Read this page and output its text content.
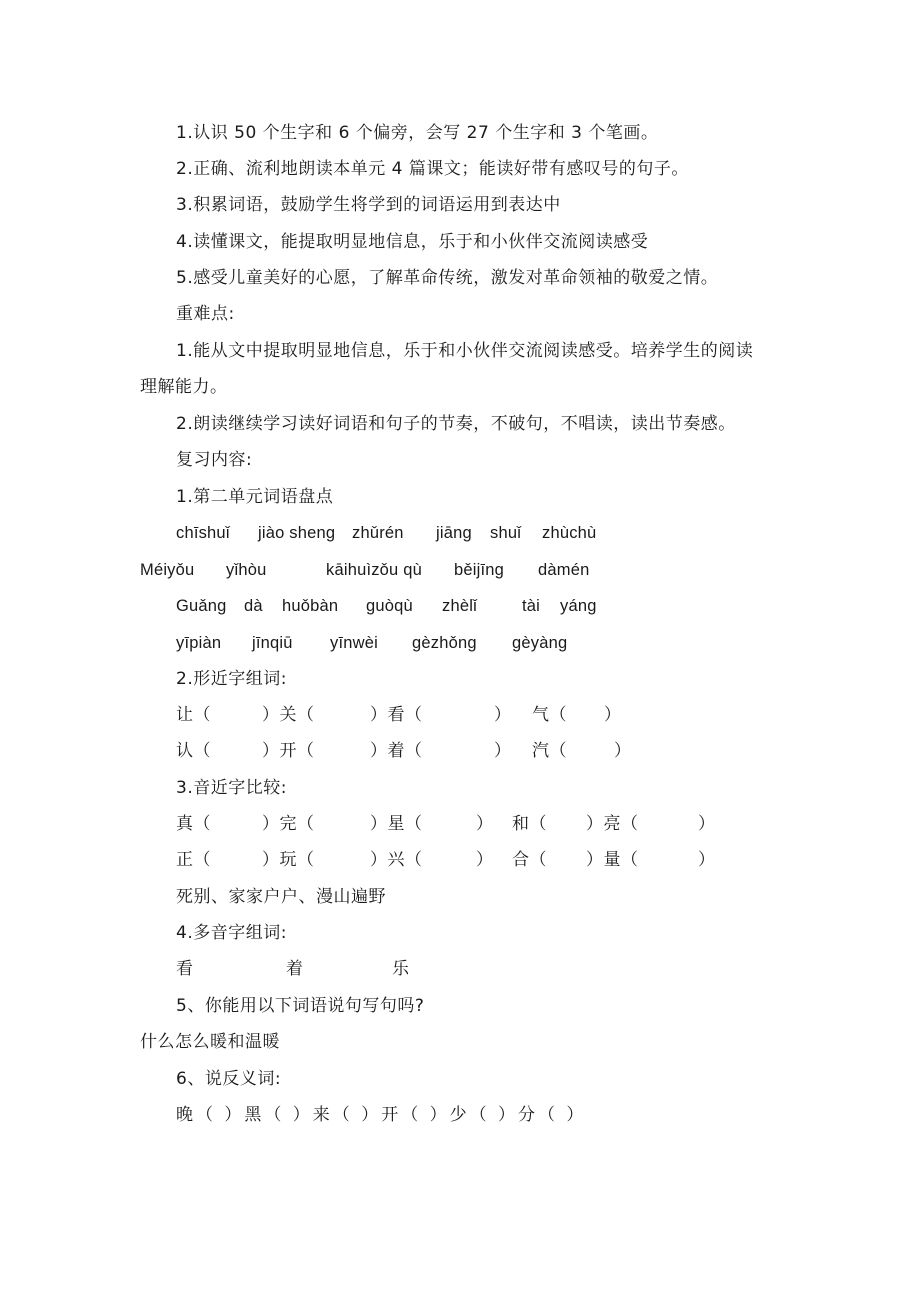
1.认识 50 个生字和 6 个偏旁，会写 27 个生字和 3 个笔画。
2.正确、流利地朗读本单元 4 篇课文；能读好带有感叹号的句子。
3.积累词语，鼓励学生将学到的词语运用到表达中
4.读懂课文，能提取明显地信息，乐于和小伙伴交流阅读感受
5.感受儿童美好的心愿，了解革命传统，激发对革命领袖的敬爱之情。
重难点:
1.能从文中提取明显地信息，乐于和小伙伴交流阅读感受。培养学生的阅读
理解能力。
2.朗读继续学习读好词语和句子的节奏，不破句，不唱读，读出节奏感。
复习内容:
1.第二单元词语盘点
chīshuǐ jiào sheng zhǔrén jiāng shuǐ zhùchù
Méiyǒu yǐhòu	kāihuìzǒu qù běijīng dàmén
Guǎng dà huǒbàn guòqù zhèlǐ	tài yáng
yīpiàn jīnqiū yīnwèi gèzhǒng gèyàng
2.形近字组词:
让（	）关（	）看（	） 气（ ）
认（	）开（	）着（	） 汽（	）
3.音近字比较:
真（	）完（	）星（	） 和（ ）亮（	）
正（	）玩（	）兴（	） 合（ ）量（	）
死别、家家户户、漫山遍野
4.多音字组词:
看	着	乐
5、你能用以下词语说句写句吗?
什么怎么暖和温暖
6、说反义词:
晚（ ）黑（ ）来（ ）开（ ）少（ ）分（ ）
